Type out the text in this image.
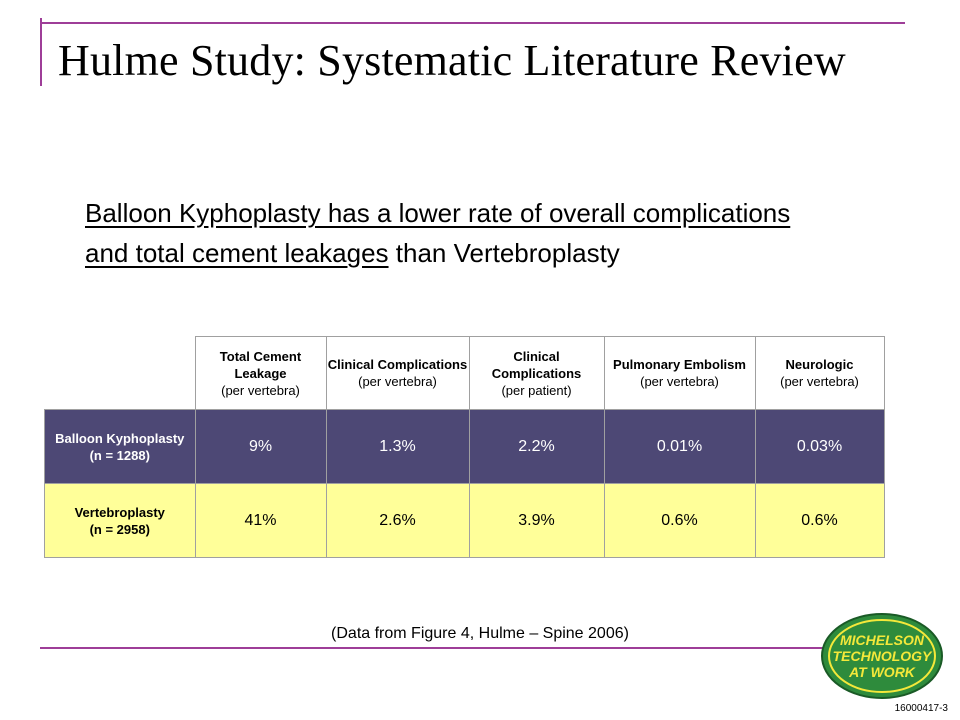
Hulme Study: Systematic Literature Review
Balloon Kyphoplasty has a lower rate of overall complications and total cement leakages than Vertebroplasty

	Total Cement Leakage
(per vertebra)	Clinical Complications
(per vertebra)	Clinical Complications
(per patient)	Pulmonary Embolism
(per vertebra)	Neurologic
(per vertebra)

Balloon Kyphoplasty
(n = 1288)	9%	1.3%	2.2%	0.01%	0.03%

Vertebroplasty
(n = 2958)	41%	2.6%	3.9%	0.6%	0.6%
(Data from Figure 4, Hulme – Spine 2006)	MICHELSON
TECHNOLOGY
AT WORK
16000417-3
